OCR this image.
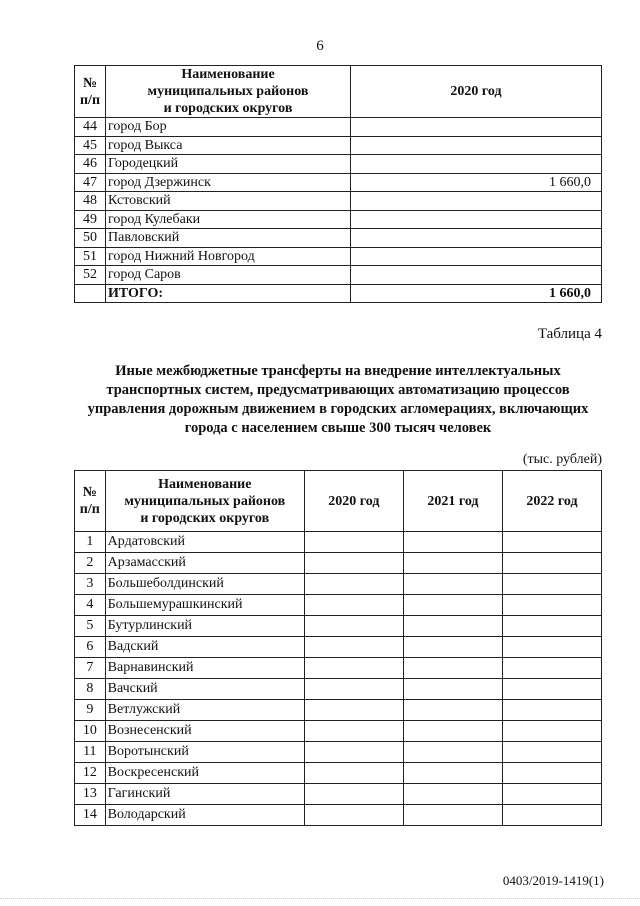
6
№
п/п	Наименование
муниципальных районов
и городских округов	2020 год
44	город Бор	
45	город Выкса	
46	Городецкий	
47	город Дзержинск	1 660,0
48	Кстовский	
49	город Кулебаки	
50	Павловский	
51	город Нижний Новгород	
52	город Саров	
	ИТОГО:	1 660,0
Таблица 4
Иные межбюджетные трансферты на внедрение интеллектуальных транспортных систем, предусматривающих автоматизацию процессов управления дорожным движением в городских агломерациях, включающих города с населением свыше 300 тысяч человек
(тыс. рублей)
№
п/п	Наименование
муниципальных районов
и городских округов	2020 год	2021 год	2022 год
1	Ардатовский			
2	Арзамасский			
3	Большеболдинский			
4	Большемурашкинский			
5	Бутурлинский			
6	Вадский			
7	Варнавинский			
8	Вачский			
9	Ветлужский			
10	Вознесенский			
11	Воротынский			
12	Воскресенский			
13	Гагинский			
14	Володарский			
0403/2019-1419(1)
